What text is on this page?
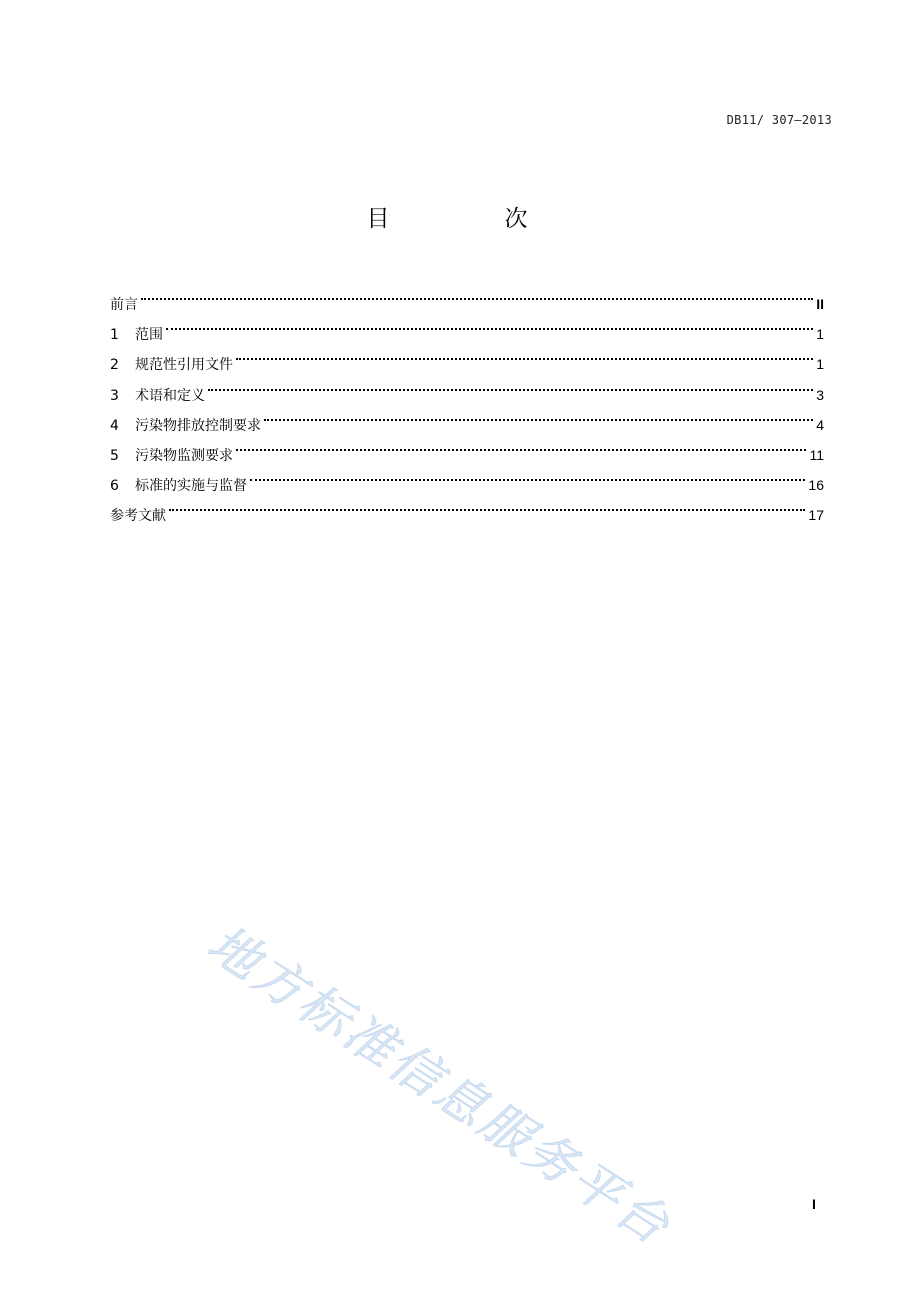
DB11/ 307—2013
目　次
前言	II
1	范围	1
2	规范性引用文件	1
3	术语和定义	3
4	污染物排放控制要求	4
5	污染物监测要求	11
6	标准的实施与监督	16
参考文献	17
地方标准信息服务平台	I
